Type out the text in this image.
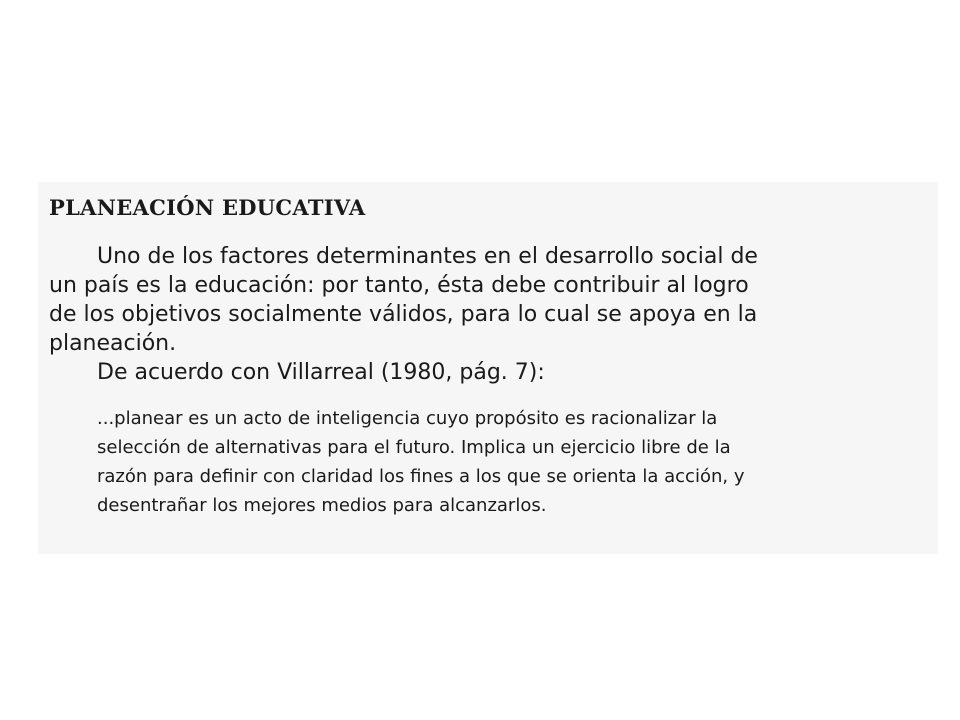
PLANEACIÓN EDUCATIVA

Uno de los factores determinantes en el desarrollo social de
un país es la educación: por tanto, ésta debe contribuir al logro
de los objetivos socialmente válidos, para lo cual se apoya en la
planeación.

De acuerdo con Villarreal (1980, pág. 7):

...planear es un acto de inteligencia cuyo propósito es racionalizar la
selección de alternativas para el futuro. Implica un ejercicio libre de la
razón para definir con claridad los fines a los que se orienta la acción, y
desentrañar los mejores medios para alcanzarlos.
